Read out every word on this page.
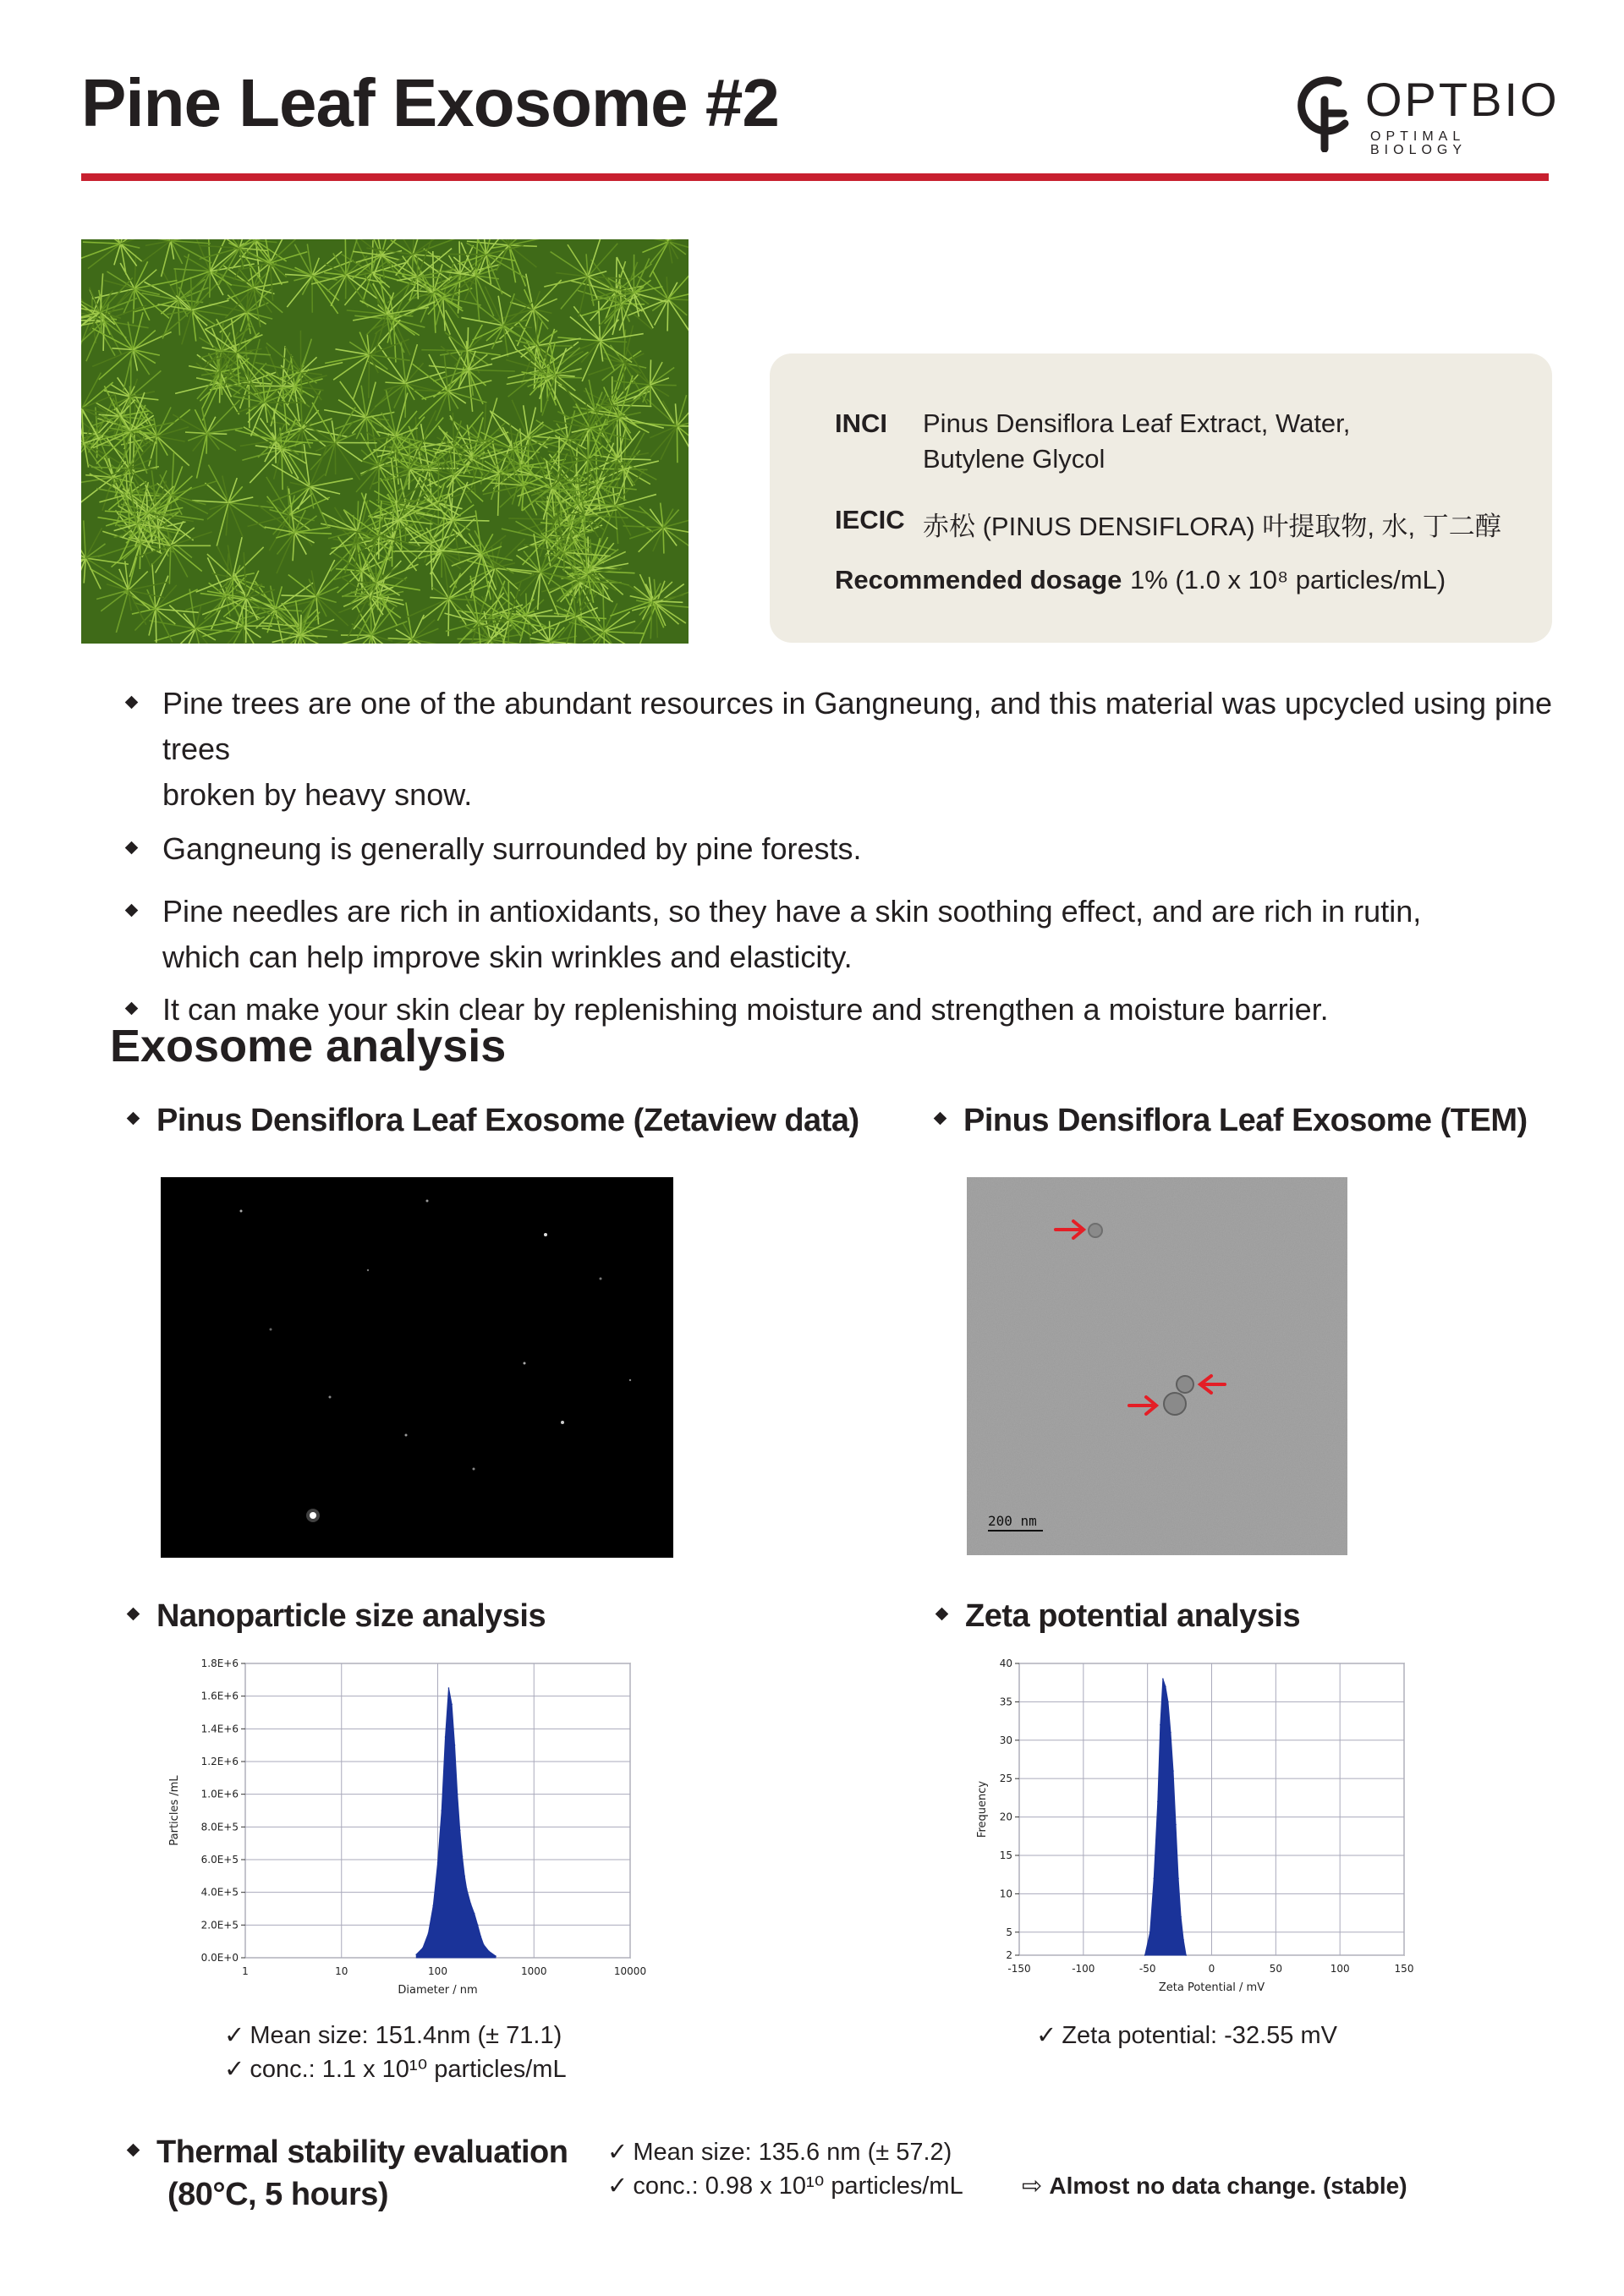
Pine Leaf Exosome #2	OPTBIO
OPTIMAL BIOLOGY
INCI Pinus Densiflora Leaf Extract, Water,
Butylene Glycol
IECIC 赤松 (PINUS DENSIFLORA) 叶提取物, 水, 丁二醇
Recommended dosage 1% (1.0 x 10⁸ particles/mL)

Pine trees are one of the abundant resources in Gangneung, and this material was upcycled using pine trees
broken by heavy snow.

Gangneung is generally surrounded by pine forests.

Pine needles are rich in antioxidants, so they have a skin soothing effect, and are rich in rutin,
which can help improve skin wrinkles and elasticity.

It can make your skin clear by replenishing moisture and strengthen a moisture barrier.

Exosome analysis
Pinus Densiflora Leaf Exosome (Zetaview data)	Pinus Densiflora Leaf Exosome (TEM)
200 nm
Nanoparticle size analysis	Zeta potential analysis
1	10	100	1000	10000
0.0E+0
2.0E+5
4.0E+5
6.0E+5
8.0E+5
1.0E+6
1.2E+6
1.4E+6
1.6E+6
1.8E+6
Diameter / nm
Particles /mL
-150	-100	-50	0	50	100	150
2
5
10
15
20
25
30
35
40
Zeta Potential / mV
Frequency
✓ Mean size: 151.4nm (± 71.1)
✓ conc.: 1.1 x 10¹⁰ particles/mL
✓ Zeta potential: -32.55 mV
Thermal stability evaluation
(80°C, 5 hours)
✓ Mean size: 135.6 nm (± 57.2)
✓ conc.: 0.98 x 10¹⁰ particles/mL ⇨ Almost no data change. (stable)
